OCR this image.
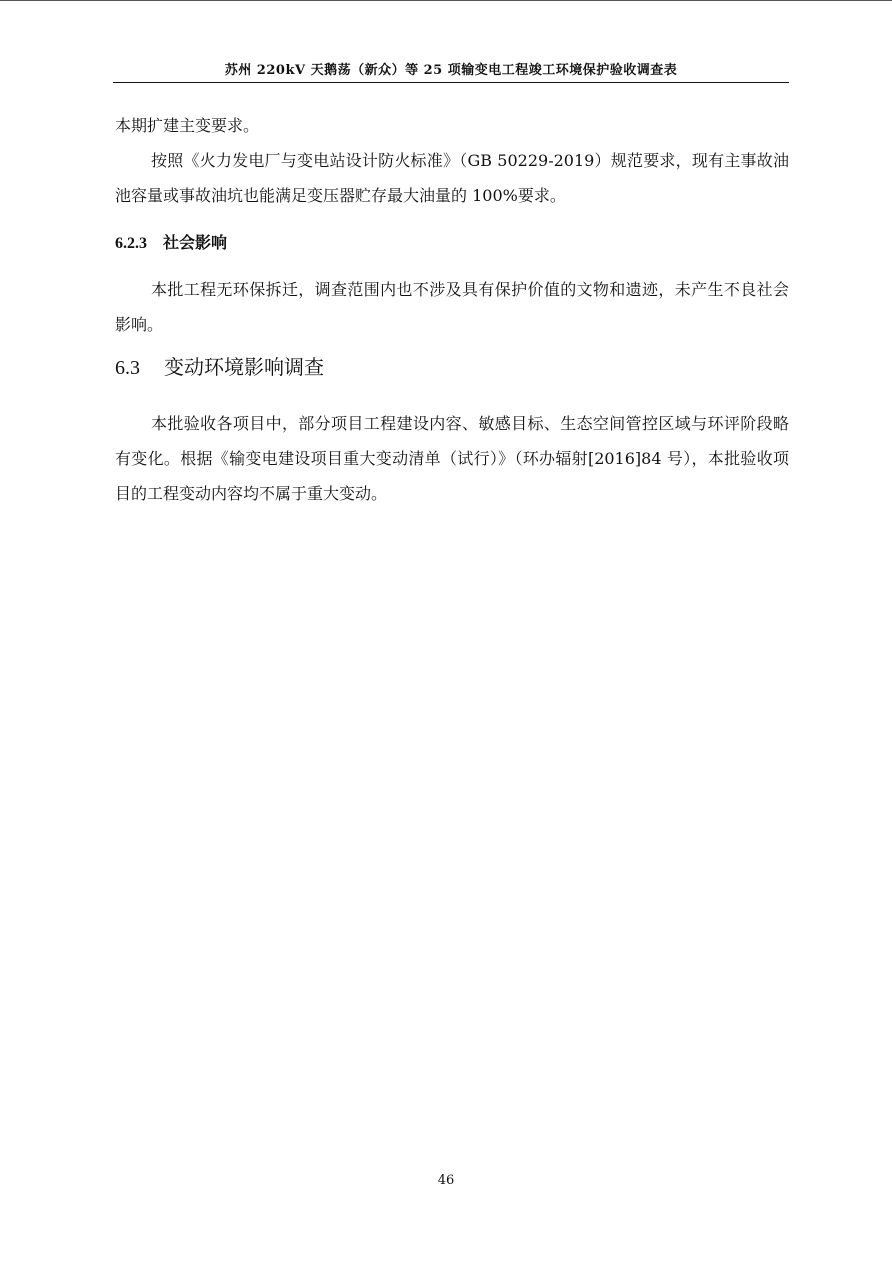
苏州 220kV 天鹅荡（新众）等 25 项输变电工程竣工环境保护验收调查表

本期扩建主变要求。

按照《火力发电厂与变电站设计防火标准》（GB 50229-2019）规范要求，现有主事故油池容量或事故油坑也能满足变压器贮存最大油量的 100%要求。

6.2.3 社会影响

本批工程无环保拆迁，调查范围内也不涉及具有保护价值的文物和遗迹，未产生不良社会影响。

6.3 变动环境影响调查

本批验收各项目中，部分项目工程建设内容、敏感目标、生态空间管控区域与环评阶段略有变化。根据《输变电建设项目重大变动清单（试行）》（环办辐射[2016]84 号），本批验收项目的工程变动内容均不属于重大变动。

46
